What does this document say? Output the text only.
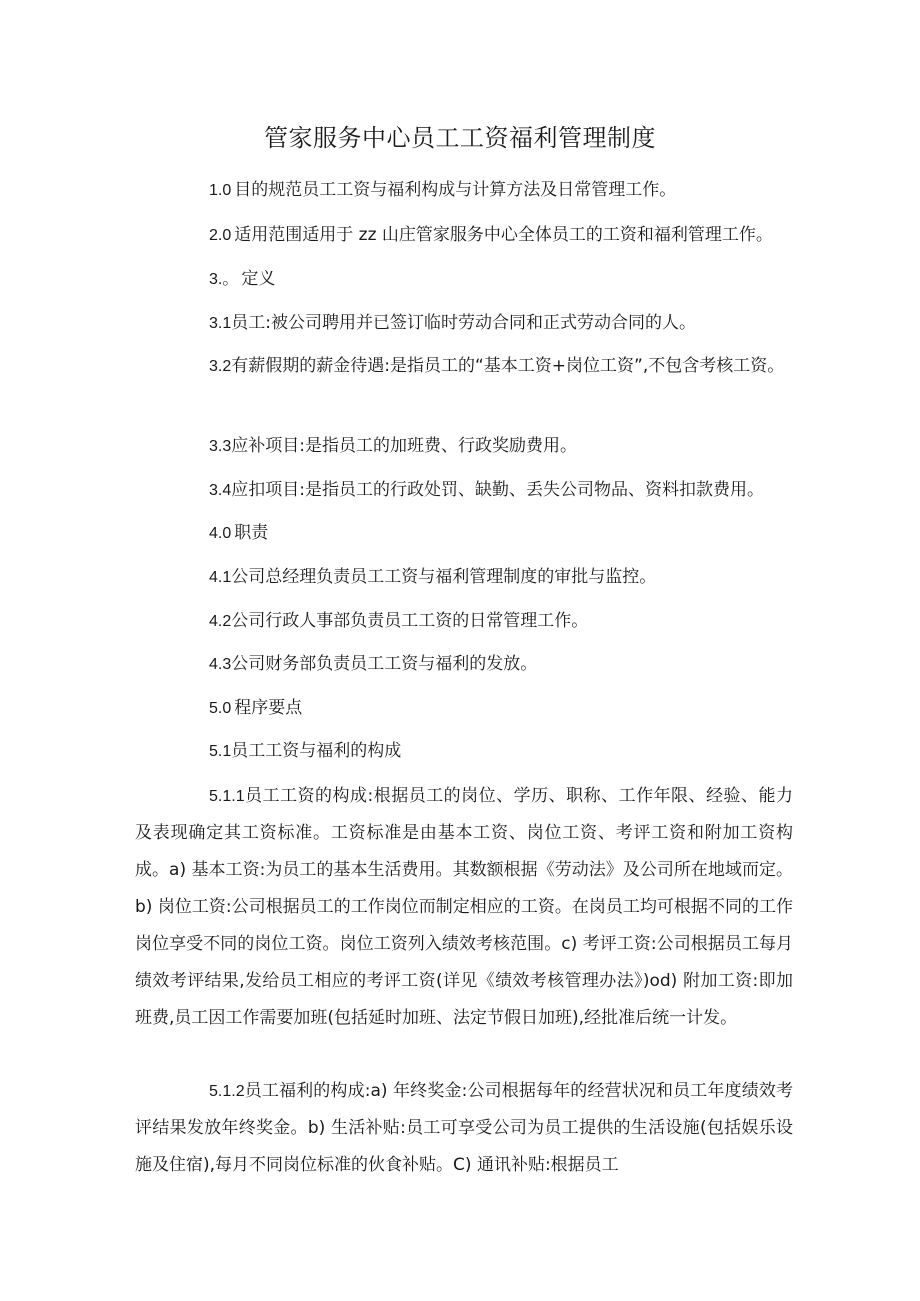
管家服务中心员工工资福利管理制度

1.0 目的规范员工工资与福利构成与计算方法及日常管理工作。

2.0 适用范围适用于 zz 山庄管家服务中心全体员工的工资和福利管理工作。

3.。 定义

3.1员工:被公司聘用并已签订临时劳动合同和正式劳动合同的人。

3.2有薪假期的薪金待遇:是指员工的“基本工资+岗位工资”,不包含考核工资。

3.3应补项目:是指员工的加班费、行政奖励费用。

3.4应扣项目:是指员工的行政处罚、缺勤、丢失公司物品、资料扣款费用。

4.0 职责

4.1公司总经理负责员工工资与福利管理制度的审批与监控。

4.2公司行政人事部负责员工工资的日常管理工作。

4.3公司财务部负责员工工资与福利的发放。

5.0 程序要点

5.1员工工资与福利的构成

5.1.1员工工资的构成:根据员工的岗位、学历、职称、工作年限、经验、能力及表现确定其工资标准。工资标准是由基本工资、岗位工资、考评工资和附加工资构成。a) 基本工资:为员工的基本生活费用。其数额根据《劳动法》及公司所在地域而定。b) 岗位工资:公司根据员工的工作岗位而制定相应的工资。在岗员工均可根据不同的工作岗位享受不同的岗位工资。岗位工资列入绩效考核范围。c) 考评工资:公司根据员工每月绩效考评结果,发给员工相应的考评工资(详见《绩效考核管理办法》)od) 附加工资:即加班费,员工因工作需要加班(包括延时加班、法定节假日加班),经批准后统一计发。

5.1.2员工福利的构成:a) 年终奖金:公司根据每年的经营状况和员工年度绩效考评结果发放年终奖金。b) 生活补贴:员工可享受公司为员工提供的生活设施(包括娱乐设施及住宿),每月不同岗位标准的伙食补贴。C) 通讯补贴:根据员工
